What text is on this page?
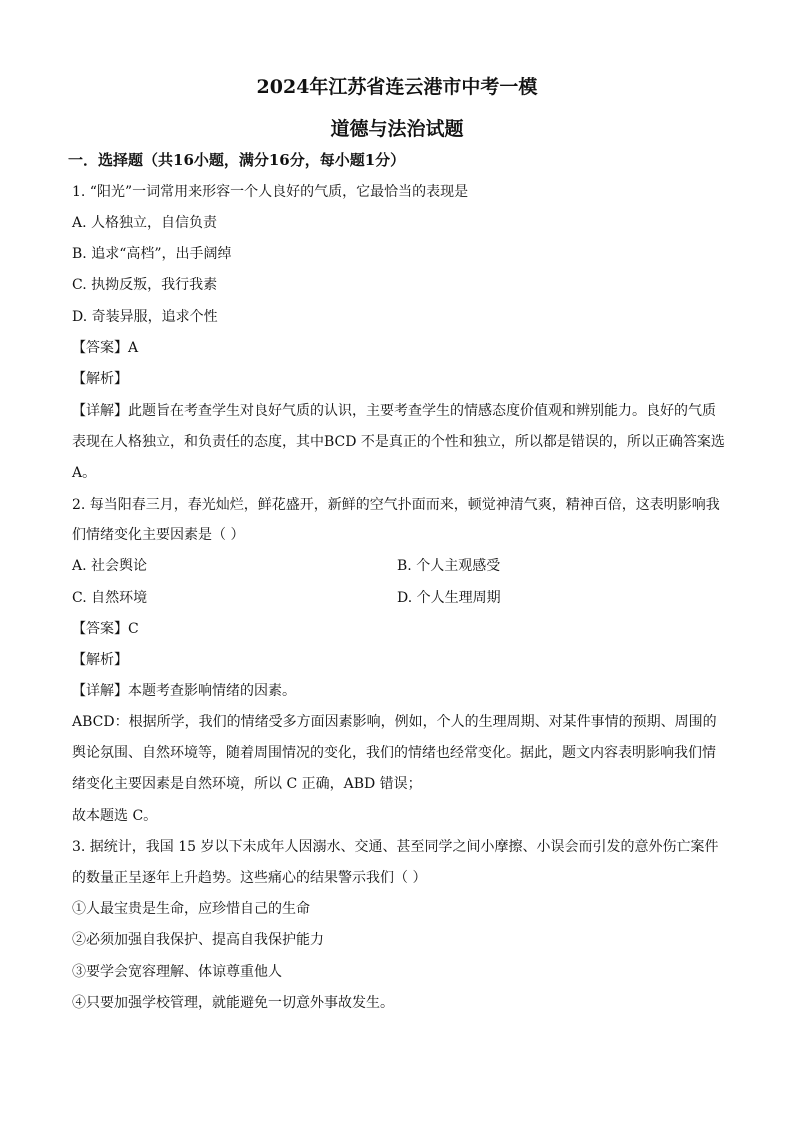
2024年江苏省连云港市中考一模
道德与法治试题
一．选择题（共16小题，满分16分，每小题1分）
1. “阳光”一词常用来形容一个人良好的气质，它最恰当的表现是
A. 人格独立，自信负责
B. 追求“高档”，出手阔绰
C. 执拗反叛，我行我素
D. 奇装异服，追求个性
【答案】A
【解析】
【详解】此题旨在考查学生对良好气质的认识，主要考查学生的情感态度价值观和辨别能力。良好的气质
表现在人格独立，和负责任的态度，其中BCD 不是真正的个性和独立，所以都是错误的，所以正确答案选
A。
2. 每当阳春三月，春光灿烂，鲜花盛开，新鲜的空气扑面而来，顿觉神清气爽，精神百倍，这表明影响我
们情绪变化主要因素是（ ）
A. 社会舆论	B. 个人主观感受
C. 自然环境	D. 个人生理周期
【答案】C
【解析】
【详解】本题考查影响情绪的因素。
ABCD：根据所学，我们的情绪受多方面因素影响，例如，个人的生理周期、对某件事情的预期、周围的
舆论氛围、自然环境等，随着周围情况的变化，我们的情绪也经常变化。据此，题文内容表明影响我们情
绪变化主要因素是自然环境，所以 C 正确，ABD 错误；
故本题选 C。
3. 据统计，我国 15 岁以下未成年人因溺水、交通、甚至同学之间小摩擦、小误会而引发的意外伤亡案件
的数量正呈逐年上升趋势。这些痛心的结果警示我们（ ）
①人最宝贵是生命，应珍惜自己的生命
②必须加强自我保护、提高自我保护能力
③要学会宽容理解、体谅尊重他人
④只要加强学校管理，就能避免一切意外事故发生。
